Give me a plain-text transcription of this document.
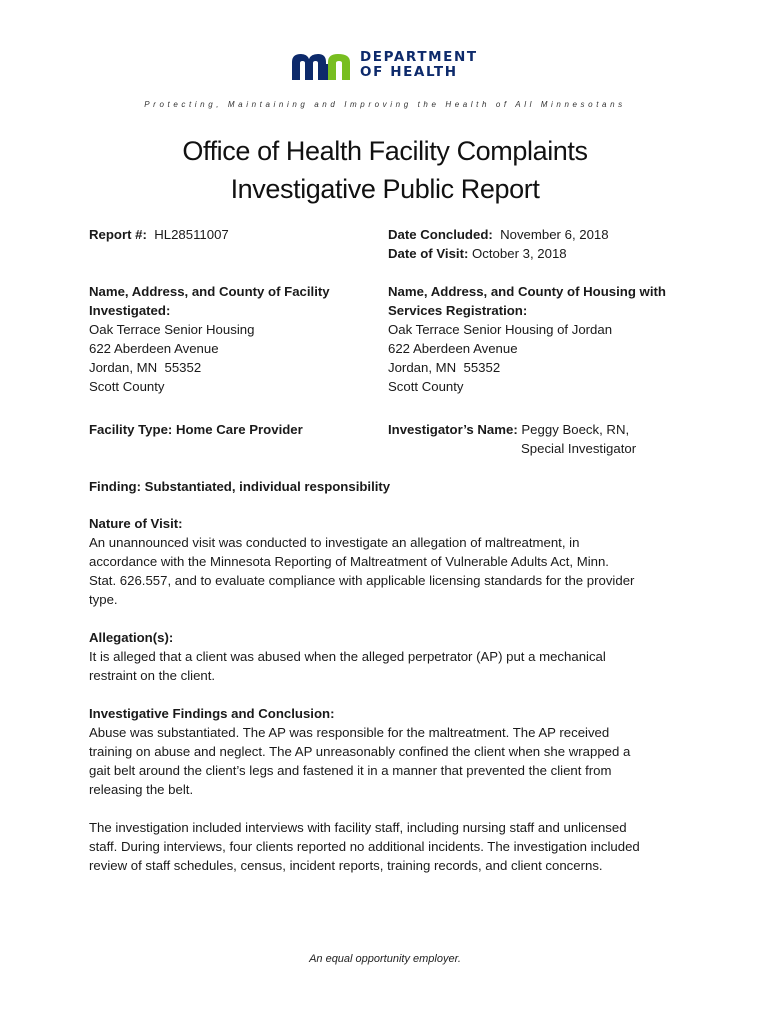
DEPARTMENT
OF HEALTH
Protecting, Maintaining and Improving the Health of All Minnesotans
Office of Health Facility Complaints
Investigative Public Report
Report #: HL28511007	Date Concluded: November 6, 2018
Date of Visit: October 3, 2018
Name, Address, and County of Facility
Investigated:
Oak Terrace Senior Housing
622 Aberdeen Avenue
Jordan, MN  55352
Scott County
Name, Address, and County of Housing with
Services Registration:
Oak Terrace Senior Housing of Jordan
622 Aberdeen Avenue
Jordan, MN  55352
Scott County
Facility Type: Home Care Provider	Investigator’s Name: Peggy Boeck, RN,
Special Investigator
Finding: Substantiated, individual responsibility
Nature of Visit:
An unannounced visit was conducted to investigate an allegation of maltreatment, in
accordance with the Minnesota Reporting of Maltreatment of Vulnerable Adults Act, Minn.
Stat. 626.557, and to evaluate compliance with applicable licensing standards for the provider
type.
Allegation(s):
It is alleged that a client was abused when the alleged perpetrator (AP) put a mechanical
restraint on the client.
Investigative Findings and Conclusion:
Abuse was substantiated. The AP was responsible for the maltreatment. The AP received
training on abuse and neglect. The AP unreasonably confined the client when she wrapped a
gait belt around the client’s legs and fastened it in a manner that prevented the client from
releasing the belt.
The investigation included interviews with facility staff, including nursing staff and unlicensed
staff. During interviews, four clients reported no additional incidents. The investigation included
review of staff schedules, census, incident reports, training records, and client concerns.
An equal opportunity employer.
